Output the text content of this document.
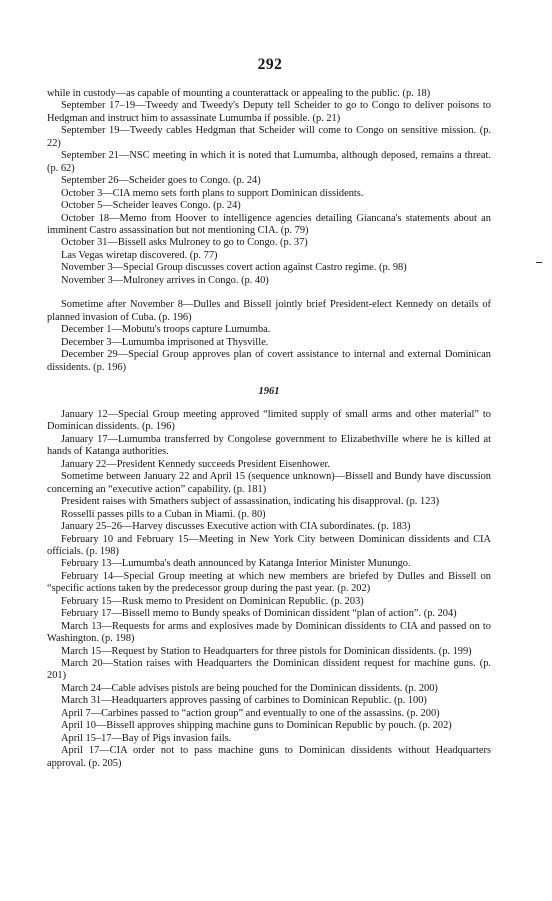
292

while in custody—as capable of mounting a counterattack or appealing to the public. (p. 18)

September 17–19—Tweedy and Tweedy's Deputy tell Scheider to go to Congo to deliver poisons to Hedgman and instruct him to assassinate Lumumba if possible. (p. 21)

September 19—Tweedy cables Hedgman that Scheider will come to Congo on sensitive mission. (p. 22)

September 21—NSC meeting in which it is noted that Lumumba, although deposed, remains a threat. (p. 62)

September 26—Scheider goes to Congo. (p. 24)

October 3—CIA memo sets forth plans to support Dominican dissidents.

October 5—Scheider leaves Congo. (p. 24)

October 18—Memo from Hoover to intelligence agencies detailing Giancana's statements about an imminent Castro assassination but not mentioning CIA. (p. 79)

October 31—Bissell asks Mulroney to go to Congo. (p. 37)

Las Vegas wiretap discovered. (p. 77)

November 3—Special Group discusses covert action against Castro regime. (p. 98)

November 3—Mulroney arrives in Congo. (p. 40)

Sometime after November 8—Dulles and Bissell jointly brief President-elect Kennedy on details of planned invasion of Cuba. (p. 196)

December 1—Mobutu's troops capture Lumumba.

December 3—Lumumba imprisoned at Thysville.

December 29—Special Group approves plan of covert assistance to internal and external Dominican dissidents. (p. 196)

1961

January 12—Special Group meeting approved “limited supply of small arms and other material” to Dominican dissidents. (p. 196)

January 17—Lumumba transferred by Congolese government to Elizabethville where he is killed at hands of Katanga authorities.

January 22—President Kennedy succeeds President Eisenhower.

Sometime between January 22 and April 15 (sequence unknown)—Bissell and Bundy have discussion concerning an “executive action” capability. (p. 181)

President raises with Smathers subject of assassination, indicating his disapproval. (p. 123)

Rosselli passes pills to a Cuban in Miami. (p. 80)

January 25–26—Harvey discusses Executive action with CIA subordinates. (p. 183)

February 10 and February 15—Meeting in New York City between Dominican dissidents and CIA officials. (p. 198)

February 13—Lumumba's death announced by Katanga Interior Minister Munungo.

February 14—Special Group meeting at which new members are briefed by Dulles and Bissell on “specific actions taken by the predecessor group during the past year. (p. 202)

February 15—Rusk memo to President on Dominican Republic. (p. 203)

February 17—Bissell memo to Bundy speaks of Dominican dissident “plan of action”. (p. 204)

March 13—Requests for arms and explosives made by Dominican dissidents to CIA and passed on to Washington. (p. 198)

March 15—Request by Station to Headquarters for three pistols for Dominican dissidents. (p. 199)

March 20—Station raises with Headquarters the Dominican dissident request for machine guns. (p. 201)

March 24—Cable advises pistols are being pouched for the Dominican dissidents. (p. 200)

March 31—Headquarters approves passing of carbines to Dominican Republic. (p. 100)

April 7—Carbines passed to “action group” and eventually to one of the assassins. (p. 200)

April 10—Bissell approves shipping machine guns to Dominican Republic by pouch. (p. 202)

April 15–17—Bay of Pigs invasion fails.

April 17—CIA order not to pass machine guns to Dominican dissidents without Headquarters approval. (p. 205)
